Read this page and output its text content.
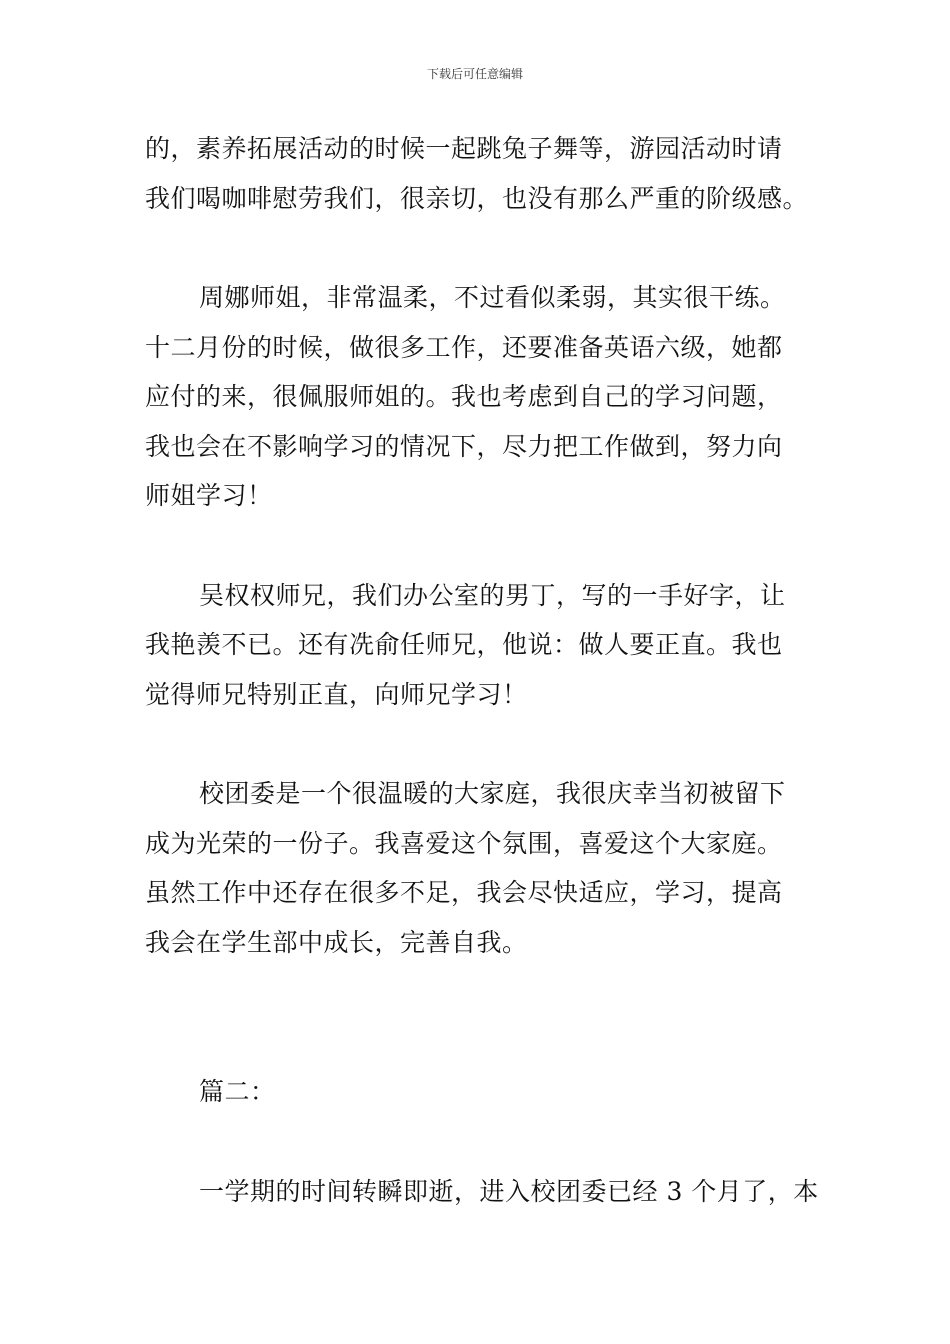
下载后可任意编辑
的，素养拓展活动的时候一起跳兔子舞等，游园活动时请
我们喝咖啡慰劳我们，很亲切，也没有那么严重的阶级感。
周娜师姐，非常温柔，不过看似柔弱，其实很干练。
十二月份的时候，做很多工作，还要准备英语六级，她都
应付的来，很佩服师姐的。我也考虑到自己的学习问题，
我也会在不影响学习的情况下，尽力把工作做到，努力向
师姐学习！
吴权权师兄，我们办公室的男丁，写的一手好字，让
我艳羡不已。还有冼俞任师兄，他说：做人要正直。我也
觉得师兄特别正直，向师兄学习！
校团委是一个很温暖的大家庭，我很庆幸当初被留下
成为光荣的一份子。我喜爱这个氛围，喜爱这个大家庭。
虽然工作中还存在很多不足，我会尽快适应，学习，提高
我会在学生部中成长，完善自我。
篇二：
一学期的时间转瞬即逝，进入校团委已经 3 个月了，本
